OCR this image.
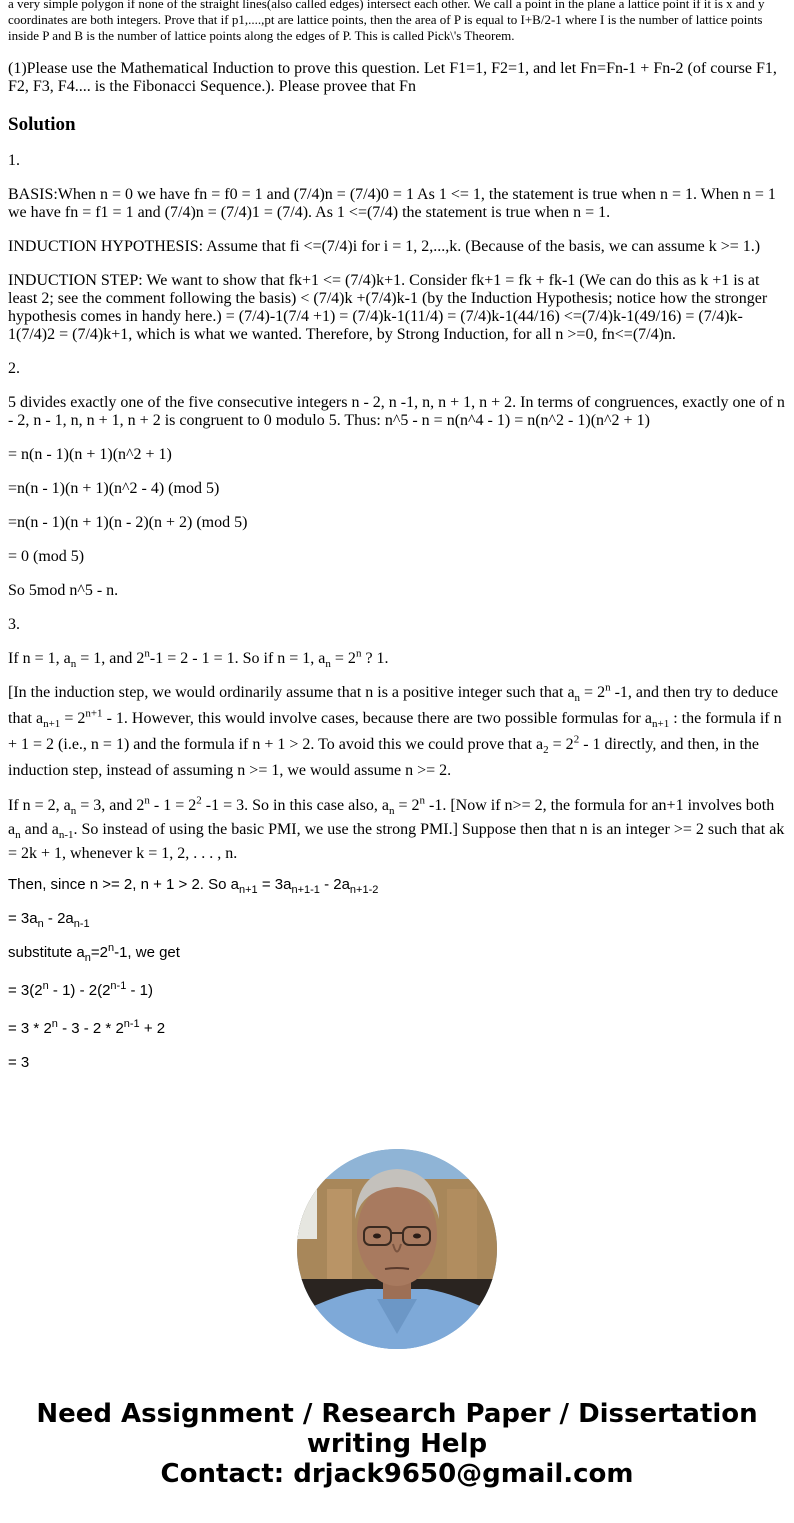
a very simple polygon if none of the straight lines(also called edges) intersect each other. We call a point in the plane a lattice point if it is x and y coordinates are both integers. Prove that if p1,....,pt are lattice points, then the area of P is equal to I+B/2-1 where I is the number of lattice points inside P and B is the number of lattice points along the edges of P. This is called Pick\'s Theorem.

(1)Please use the Mathematical Induction to prove this question. Let F1=1, F2=1, and let Fn=Fn-1 + Fn-2 (of course F1, F2, F3, F4.... is the Fibonacci Sequence.). Please provee that Fn

Solution

1.

BASIS:When n = 0 we have fn = f0 = 1 and (7/4)n = (7/4)0 = 1 As 1 <= 1, the statement is true when n = 1. When n = 1 we have fn = f1 = 1 and (7/4)n = (7/4)1 = (7/4). As 1 <=(7/4) the statement is true when n = 1.

INDUCTION HYPOTHESIS: Assume that fi <=(7/4)i for i = 1, 2,...,k. (Because of the basis, we can assume k >= 1.)

INDUCTION STEP: We want to show that fk+1 <= (7/4)k+1. Consider fk+1 = fk + fk-1 (We can do this as k +1 is at least 2; see the comment following the basis) < (7/4)k +(7/4)k-1 (by the Induction Hypothesis; notice how the stronger hypothesis comes in handy here.) = (7/4)-1(7/4 +1) = (7/4)k-1(11/4) = (7/4)k-1(44/16) <=(7/4)k-1(49/16) = (7/4)k-1(7/4)2 = (7/4)k+1, which is what we wanted. Therefore, by Strong Induction, for all n >=0, fn<=(7/4)n.

2.

5 divides exactly one of the five consecutive integers n - 2, n -1, n, n + 1, n + 2. In terms of congruences, exactly one of n - 2, n - 1, n, n + 1, n + 2 is congruent to 0 modulo 5. Thus: n^5 - n = n(n^4 - 1) = n(n^2 - 1)(n^2 + 1)

= n(n - 1)(n + 1)(n^2 + 1)

=n(n - 1)(n + 1)(n^2 - 4) (mod 5)

=n(n - 1)(n + 1)(n - 2)(n + 2) (mod 5)

= 0 (mod 5)

So 5mod n^5 - n.

3.

If n = 1, $a_n = 1$, and $2^n-1 = 2 - 1 = 1$. So if n = 1, $a_n = 2^n$ ? 1.

[In the induction step, we would ordinarily assume that n is a positive integer such that $a_n = 2^n$ -1, and then try to deduce that $a_{n+1} = 2^{n+1} - 1$. However, this would involve cases, because there are two possible formulas for $a_{n+1}$ : the formula if n + 1 = 2 (i.e., n = 1) and the formula if n + 1 > 2. To avoid this we could prove that $a_2 = 2^2 - 1$ directly, and then, in the induction step, instead of assuming n >= 1, we would assume n >= 2.

If n = 2, $a_n = 3$, and $2^n - 1 = 2^2$ -1 = 3. So in this case also, $a_n = 2^n$ -1. [Now if n>= 2, the formula for an+1 involves both $a_n$ and $a_{n-1}$. So instead of using the basic PMI, we use the strong PMI.] Suppose then that n is an integer >= 2 such that ak = 2k + 1, whenever k = 1, 2, . . . , n.

Then, since n >= 2, n + 1 > 2. So $a_{n+1} = 3a_{n+1-1} - 2a_{n+1-2}$

= $3a_n - 2a_{n-1}$

substitute $a_n=2^n-1$, we get

= $3(2^n - 1) - 2(2^{n-1} - 1)$

= $3 * 2^n - 3 - 2 * 2^{n-1} + 2$

= 3

Need Assignment / Research Paper / Dissertation
writing Help
Contact: drjack9650@gmail.com
